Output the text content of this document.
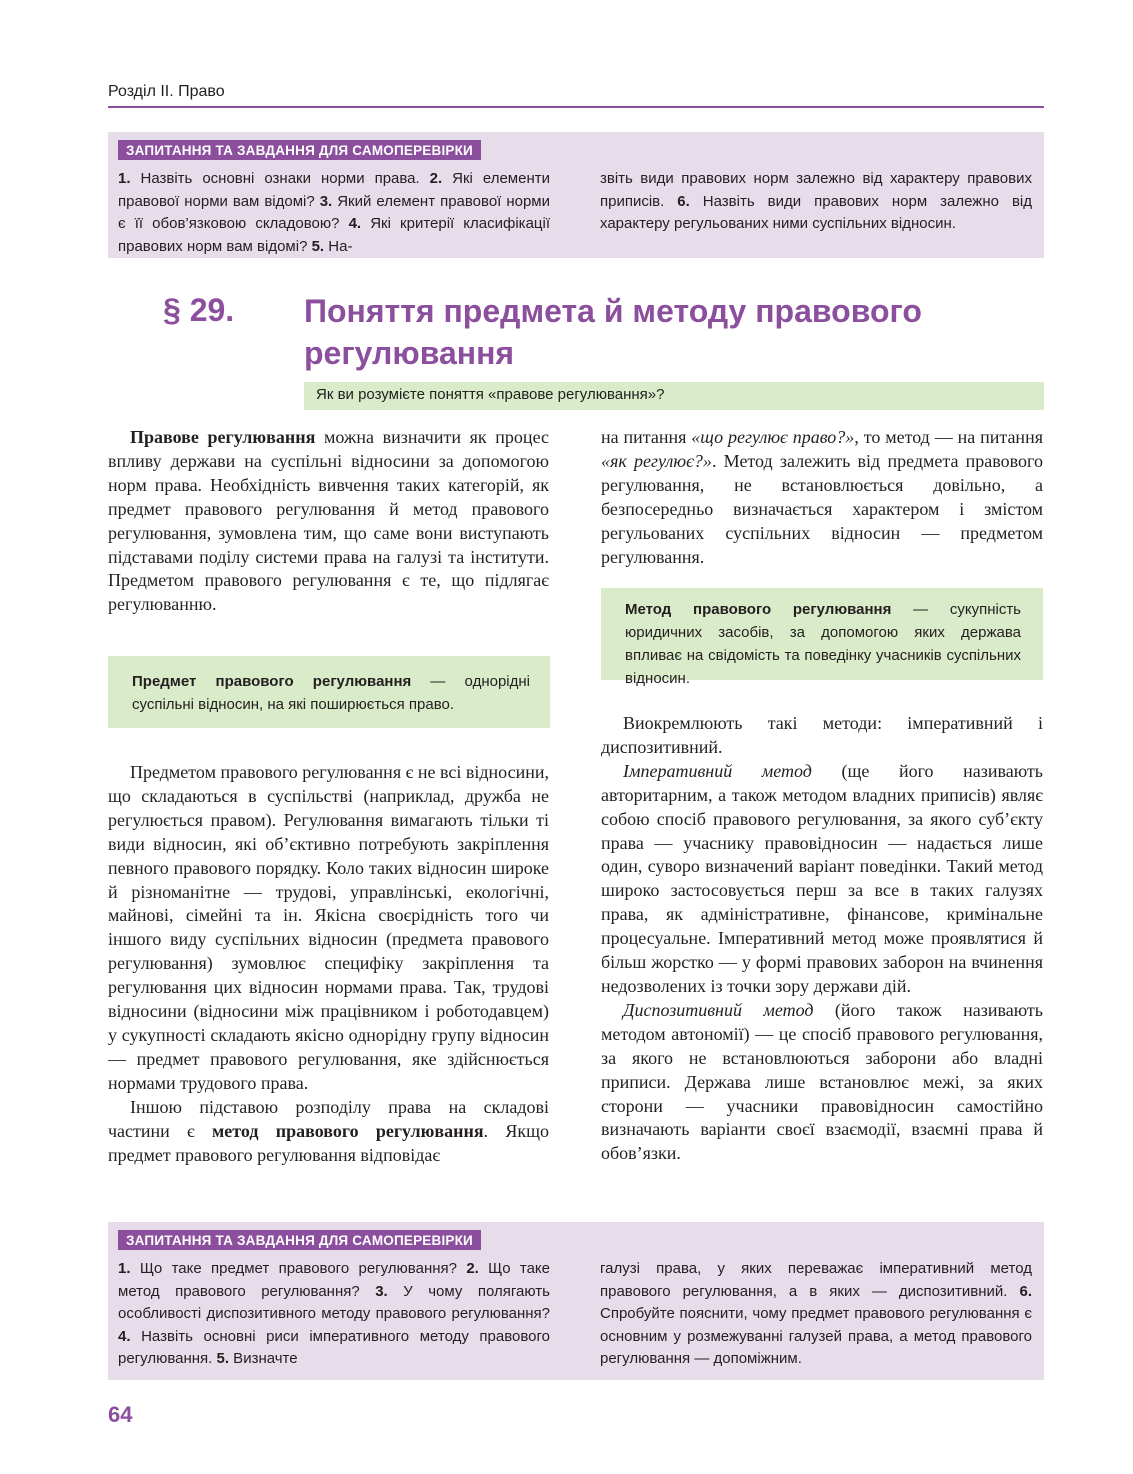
Розділ ІІ. Право
ЗАПИТАННЯ ТА ЗАВДАННЯ ДЛЯ САМОПЕРЕВІРКИ
1. Назвіть основні ознаки норми права. 2. Які елементи правової норми вам відомі? 3. Який елемент правової норми є її обов’язковою складовою? 4. Які критерії класифікації правових норм вам відомі? 5. На-
звіть види правових норм залежно від характеру правових приписів. 6. Назвіть види правових норм залежно від характеру регульованих ними суспільних відносин.
§ 29. Поняття предмета й методу правового регулювання
Як ви розумієте поняття «правове регулювання»?

Правове регулювання можна визначити як процес впливу держави на суспільні відносини за допомогою норм права. Необхідність вивчення таких категорій, як предмет правового регулювання й метод правового регулювання, зумовлена тим, що саме вони виступають підставами поділу системи права на галузі та інститути. Предметом правового регулювання є те, що підлягає регулюванню.

Предмет правового регулювання — однорідні суспільні відносин, на які поширюється право.

Предметом правового регулювання є не всі відносини, що складаються в суспільстві (наприклад, дружба не регулюється правом). Регулювання вимагають тільки ті види відносин, які об’єктивно потребують закріплення певного правового порядку. Коло таких відносин широке й різноманітне — трудові, управлінські, екологічні, майнові, сімейні та ін. Якісна своєрідність того чи іншого виду суспільних відносин (предмета правового регулювання) зумовлює специфіку закріплення та регулювання цих відносин нормами права. Так, трудові відносини (відносини між працівником і роботодавцем) у сукупності складають якісно однорідну групу відносин — предмет правового регулювання, яке здійснюється нормами трудового права.

Іншою підставою розподілу права на складові частини є метод правового регулювання. Якщо предмет правового регулювання відповідає

на питання «що регулює право?», то метод — на питання «як регулює?». Метод залежить від предмета правового регулювання, не встановлюється довільно, а безпосередньо визначається характером і змістом регульованих суспільних відносин — предметом регулювання.

Метод правового регулювання — сукупність юридичних засобів, за допомогою яких держава впливає на свідомість та поведінку учасників суспільних відносин.

Виокремлюють такі методи: імперативний і диспозитивний.

Імперативний метод (ще його називають авторитарним, а також методом владних приписів) являє собою спосіб правового регулювання, за якого суб’єкту права — учаснику правовідносин — надається лише один, суворо визначений варіант поведінки. Такий метод широко застосовується перш за все в таких галузях права, як адміністративне, фінансове, кримінальне процесуальне. Імперативний метод може проявлятися й більш жорстко — у формі правових заборон на вчинення недозволених із точки зору держави дій.

Диспозитивний метод (його також називають методом автономії) — це спосіб правового регулювання, за якого не встановлюються заборони або владні приписи. Держава лише встановлює межі, за яких сторони — учасники правовідносин самостійно визначають варіанти своєї взаємодії, взаємні права й обов’язки.

ЗАПИТАННЯ ТА ЗАВДАННЯ ДЛЯ САМОПЕРЕВІРКИ
1. Що таке предмет правового регулювання? 2. Що таке метод правового регулювання? 3. У чому полягають особливості диспозитивного методу правового регулювання? 4. Назвіть основні риси імперативного методу правового регулювання. 5. Визначте
галузі права, у яких переважає імперативний метод правового регулювання, а в яких — диспозитивний. 6. Спробуйте пояснити, чому предмет правового регулювання є основним у розмежуванні галузей права, а метод правового регулювання — допоміжним.
64
